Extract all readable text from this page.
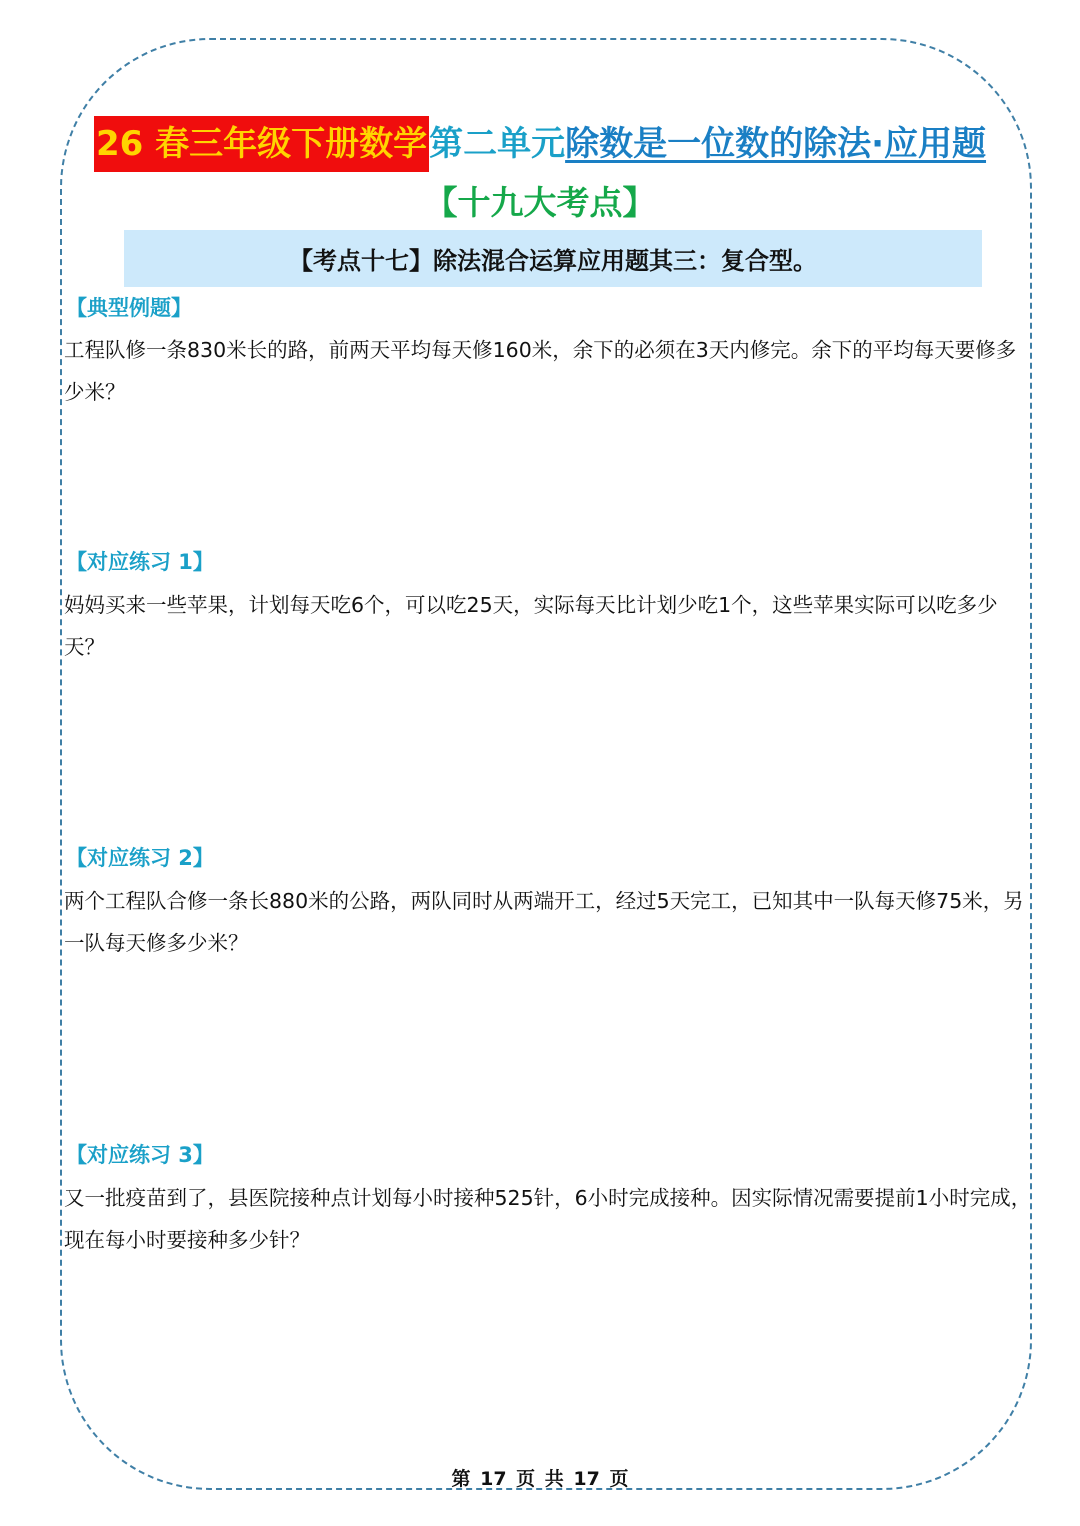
26 春三年级下册数学第二单元除数是一位数的除法·应用题
【十九大考点】
【考点十七】除法混合运算应用题其三：复合型。
【典型例题】
工程队修一条830米长的路，前两天平均每天修160米，余下的必须在3天内修完。余下的平均每天要修多少米？
【对应练习 1】
妈妈买来一些苹果，计划每天吃6个，可以吃25天，实际每天比计划少吃1个，这些苹果实际可以吃多少天？
【对应练习 2】
两个工程队合修一条长880米的公路，两队同时从两端开工，经过5天完工，已知其中一队每天修75米，另一队每天修多少米？
【对应练习 3】
又一批疫苗到了，县医院接种点计划每小时接种525针，6小时完成接种。因实际情况需要提前1小时完成，现在每小时要接种多少针？
第 17 页 共 17 页
